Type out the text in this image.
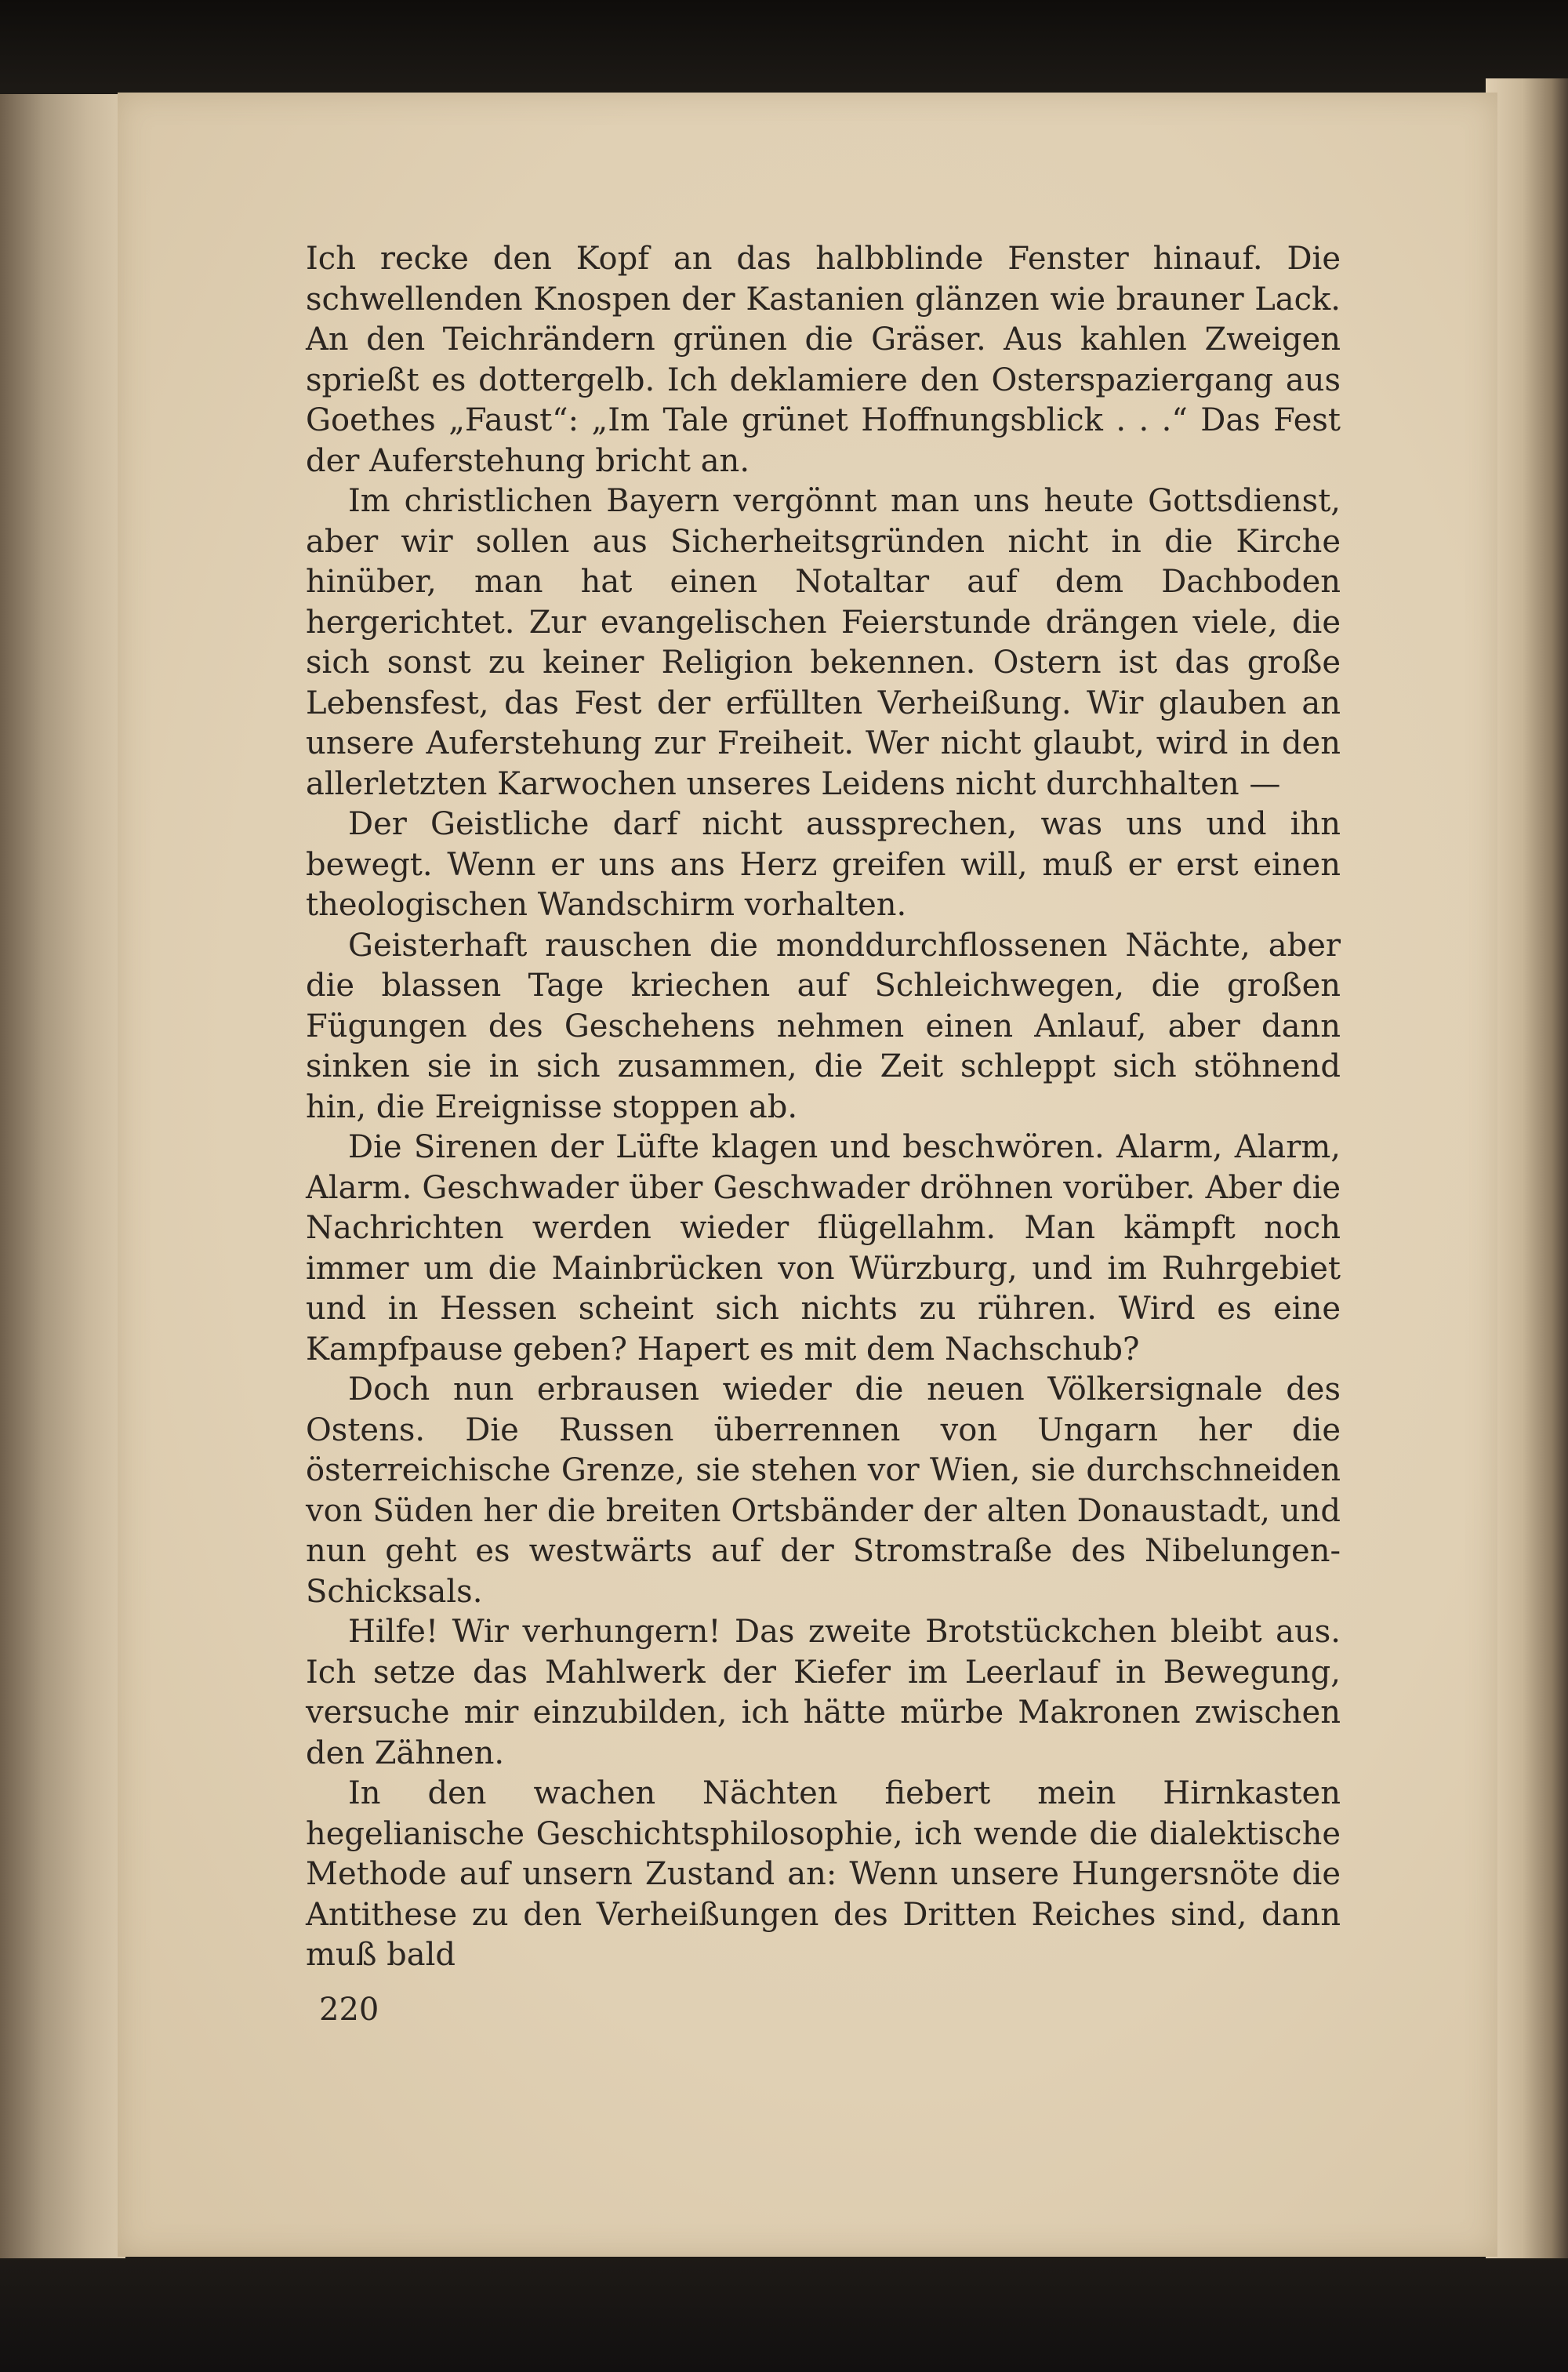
Ich recke den Kopf an das halbblinde Fenster hinauf. Die schwellenden Knospen der Kastanien glänzen wie brauner Lack. An den Teichrändern grünen die Gräser. Aus kahlen Zweigen sprießt es dottergelb. Ich deklamiere den Osterspaziergang aus Goethes „Faust“: „Im Tale grünet Hoffnungsblick . . .“ Das Fest der Auferstehung bricht an.

Im christlichen Bayern vergönnt man uns heute Gottsdienst, aber wir sollen aus Sicherheitsgründen nicht in die Kirche hinüber, man hat einen Notaltar auf dem Dachboden hergerichtet. Zur evangelischen Feierstunde drängen viele, die sich sonst zu keiner Religion bekennen. Ostern ist das große Lebensfest, das Fest der erfüllten Verheißung. Wir glauben an unsere Auferstehung zur Freiheit. Wer nicht glaubt, wird in den allerletzten Karwochen unseres Leidens nicht durchhalten —

Der Geistliche darf nicht aussprechen, was uns und ihn bewegt. Wenn er uns ans Herz greifen will, muß er erst einen theologischen Wandschirm vorhalten.

Geisterhaft rauschen die monddurchflossenen Nächte, aber die blassen Tage kriechen auf Schleichwegen, die großen Fügungen des Geschehens nehmen einen Anlauf, aber dann sinken sie in sich zusammen, die Zeit schleppt sich stöhnend hin, die Ereignisse stoppen ab.

Die Sirenen der Lüfte klagen und beschwören. Alarm, Alarm, Alarm. Geschwader über Geschwader dröhnen vorüber. Aber die Nachrichten werden wieder flügellahm. Man kämpft noch immer um die Mainbrücken von Würzburg, und im Ruhrgebiet und in Hessen scheint sich nichts zu rühren. Wird es eine Kampfpause geben? Hapert es mit dem Nachschub?

Doch nun erbrausen wieder die neuen Völkersignale des Ostens. Die Russen überrennen von Ungarn her die österreichische Grenze, sie stehen vor Wien, sie durchschneiden von Süden her die breiten Ortsbänder der alten Donaustadt, und nun geht es westwärts auf der Stromstraße des Nibelungen-Schicksals.

Hilfe! Wir verhungern! Das zweite Brotstückchen bleibt aus. Ich setze das Mahlwerk der Kiefer im Leerlauf in Bewegung, versuche mir einzubilden, ich hätte mürbe Makronen zwischen den Zähnen.

In den wachen Nächten fiebert mein Hirnkasten hegelianische Geschichtsphilosophie, ich wende die dialektische Methode auf unsern Zustand an: Wenn unsere Hungersnöte die Antithese zu den Verheißungen des Dritten Reiches sind, dann muß bald

220
